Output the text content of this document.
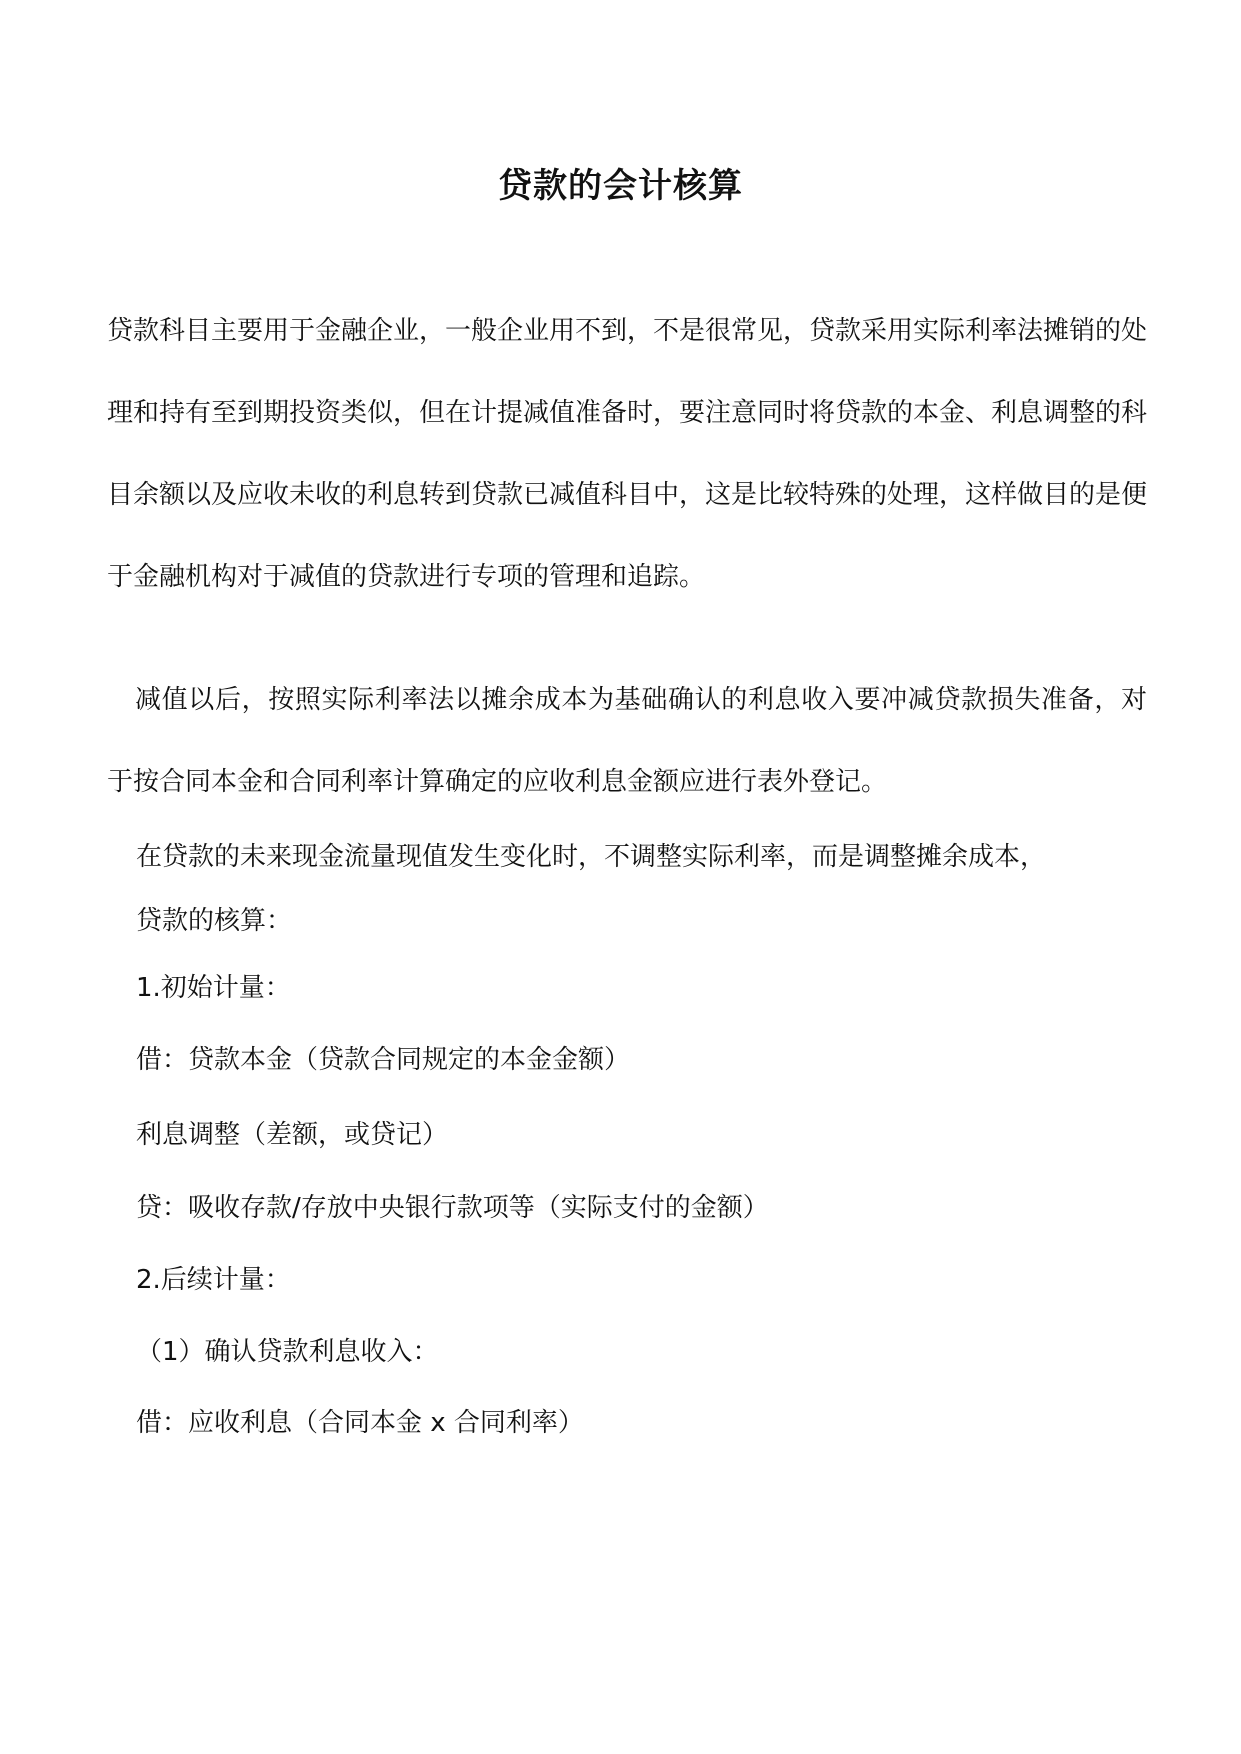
贷款的会计核算
贷款科目主要用于金融企业，一般企业用不到，不是很常见，贷款采用实际利率法摊销的处理和持有至到期投资类似，但在计提减值准备时，要注意同时将贷款的本金、利息调整的科目余额以及应收未收的利息转到贷款已减值科目中，这是比较特殊的处理，这样做目的是便于金融机构对于减值的贷款进行专项的管理和追踪。
减值以后，按照实际利率法以摊余成本为基础确认的利息收入要冲减贷款损失准备，对于按合同本金和合同利率计算确定的应收利息金额应进行表外登记。
在贷款的未来现金流量现值发生变化时，不调整实际利率，而是调整摊余成本，
贷款的核算：
1.初始计量：
借：贷款本金（贷款合同规定的本金金额）
利息调整（差额，或贷记）
贷：吸收存款/存放中央银行款项等（实际支付的金额）
2.后续计量：
（1）确认贷款利息收入：
借：应收利息（合同本金 x 合同利率）
